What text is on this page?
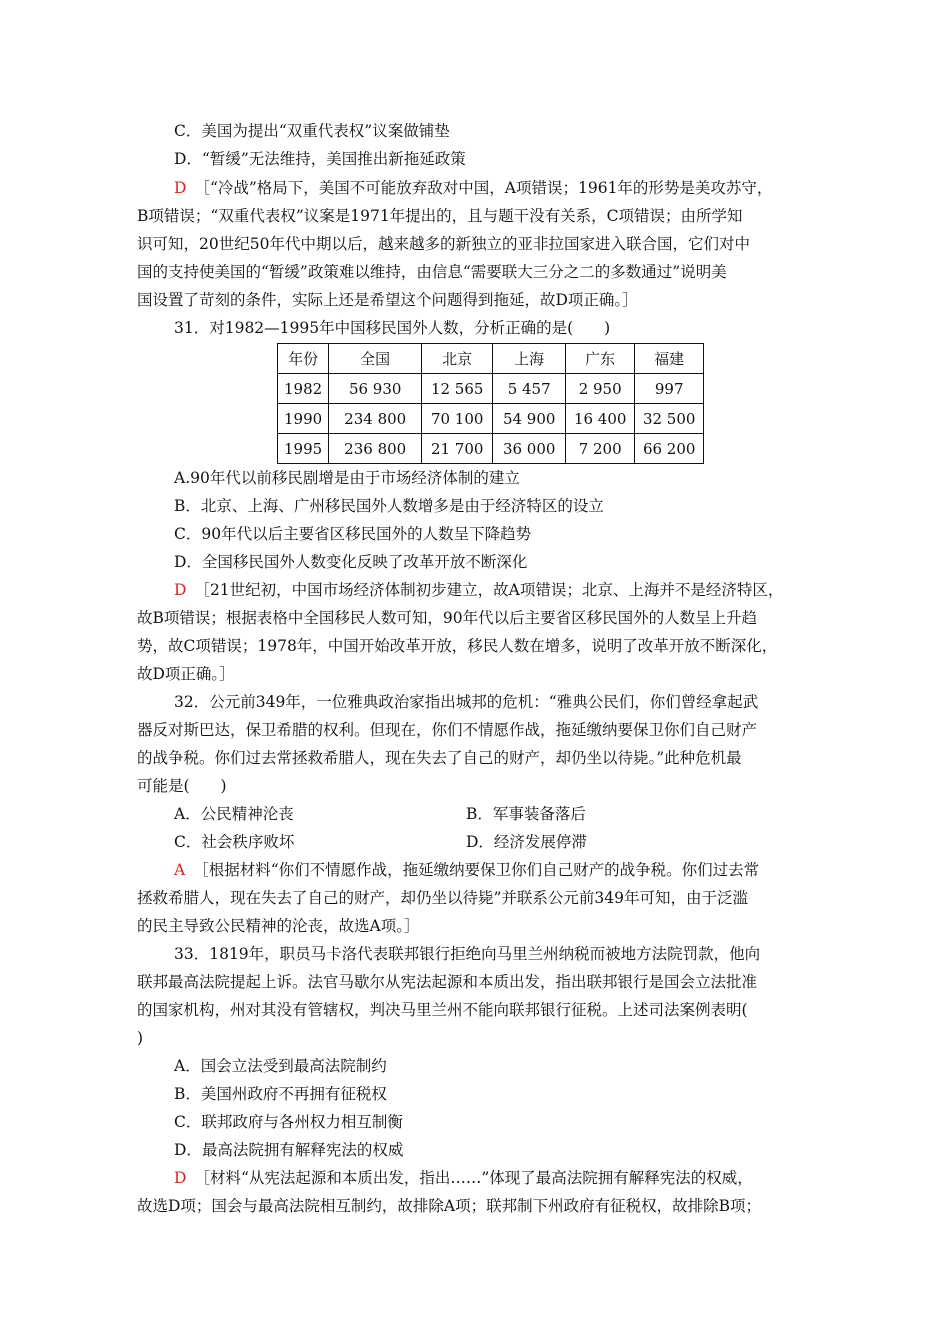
C．美国为提出“双重代表权”议案做铺垫
D．“暂缓”无法维持，美国推出新拖延政策
D ［“冷战”格局下，美国不可能放弃敌对中国，A项错误；1961年的形势是美攻苏守，
B项错误；“双重代表权”议案是1971年提出的，且与题干没有关系，C项错误；由所学知
识可知，20世纪50年代中期以后，越来越多的新独立的亚非拉国家进入联合国，它们对中
国的支持使美国的“暂缓”政策难以维持，由信息“需要联大三分之二的多数通过”说明美
国设置了苛刻的条件，实际上还是希望这个问题得到拖延，故D项正确。］
31．对1982—1995年中国移民国外人数，分析正确的是(　　)
年份	全国	北京	上海	广东	福建
1982	56 930	12 565	5 457	2 950	997
1990	234 800	70 100	54 900	16 400	32 500
1995	236 800	21 700	36 000	7 200	66 200
A.90年代以前移民剧增是由于市场经济体制的建立
B．北京、上海、广州移民国外人数增多是由于经济特区的设立
C．90年代以后主要省区移民国外的人数呈下降趋势
D．全国移民国外人数变化反映了改革开放不断深化
D ［21世纪初，中国市场经济体制初步建立，故A项错误；北京、上海并不是经济特区，
故B项错误；根据表格中全国移民人数可知，90年代以后主要省区移民国外的人数呈上升趋
势，故C项错误；1978年，中国开始改革开放，移民人数在增多，说明了改革开放不断深化，
故D项正确。］
32．公元前349年，一位雅典政治家指出城邦的危机：“雅典公民们，你们曾经拿起武
器反对斯巴达，保卫希腊的权利。但现在，你们不情愿作战，拖延缴纳要保卫你们自己财产
的战争税。你们过去常拯救希腊人，现在失去了自己的财产，却仍坐以待毙。”此种危机最
可能是(　　)
A．公民精神沦丧	B．军事装备落后
C．社会秩序败坏	D．经济发展停滞
A ［根据材料“你们不情愿作战，拖延缴纳要保卫你们自己财产的战争税。你们过去常
拯救希腊人，现在失去了自己的财产，却仍坐以待毙”并联系公元前349年可知，由于泛滥
的民主导致公民精神的沦丧，故选A项。］
33．1819年，职员马卡洛代表联邦银行拒绝向马里兰州纳税而被地方法院罚款，他向
联邦最高法院提起上诉。法官马歇尔从宪法起源和本质出发，指出联邦银行是国会立法批准
的国家机构，州对其没有管辖权，判决马里兰州不能向联邦银行征税。上述司法案例表明(
)
A．国会立法受到最高法院制约
B．美国州政府不再拥有征税权
C．联邦政府与各州权力相互制衡
D．最高法院拥有解释宪法的权威
D ［材料“从宪法起源和本质出发，指出……”体现了最高法院拥有解释宪法的权威，
故选D项；国会与最高法院相互制约，故排除A项；联邦制下州政府有征税权，故排除B项；
